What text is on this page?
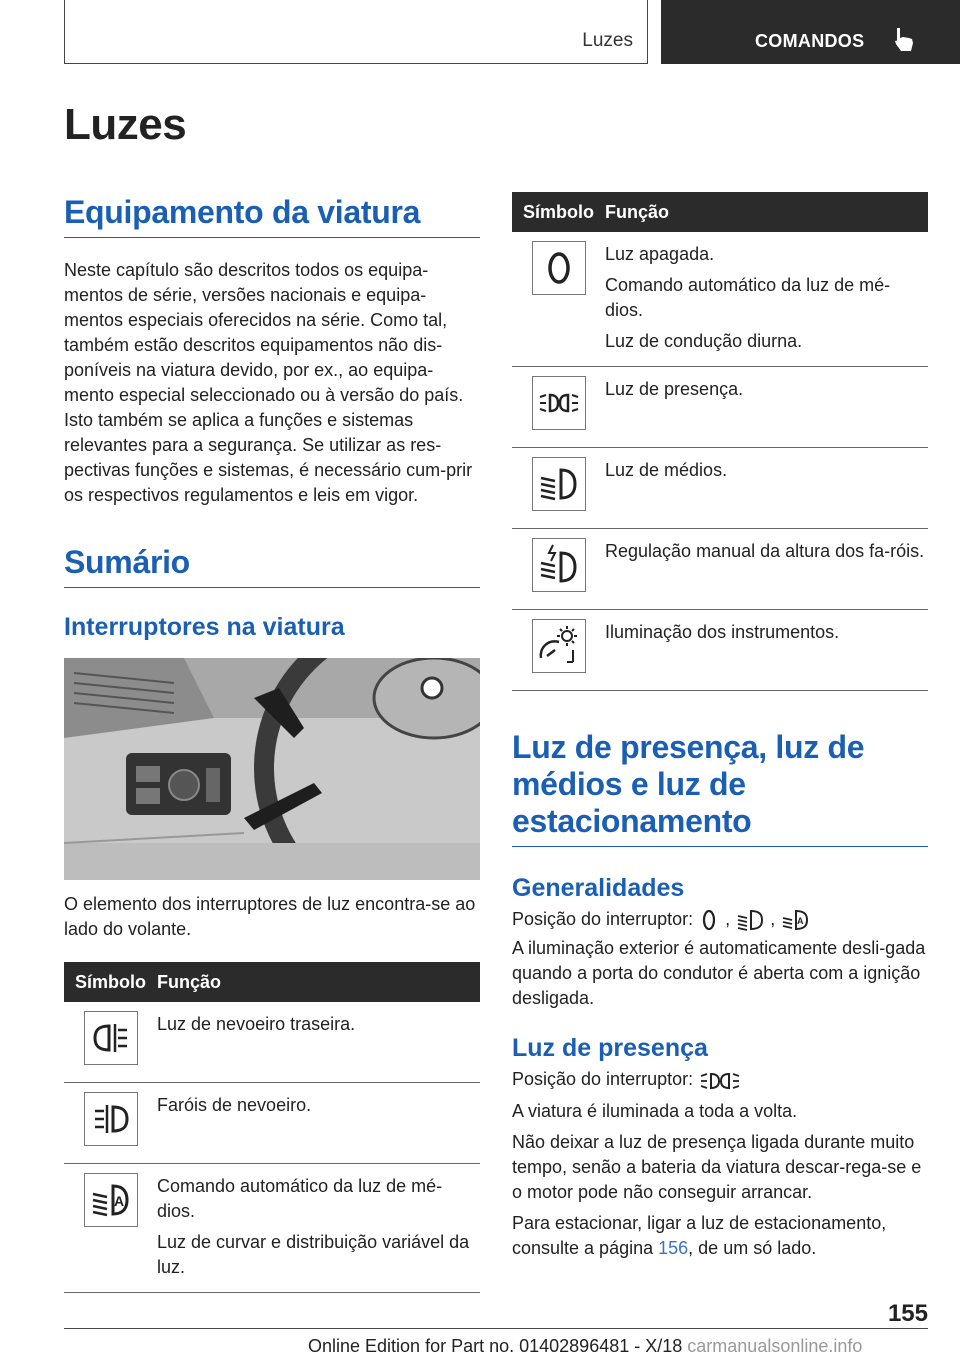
Luzes	COMANDOS
Luzes
Equipamento da viatura

Neste capítulo são descritos todos os equipa-mentos de série, versões nacionais e equipa-mentos especiais oferecidos na série. Como tal, também estão descritos equipamentos não dis-poníveis na viatura devido, por ex., ao equipa-mento especial seleccionado ou à versão do país. Isto também se aplica a funções e sistemas relevantes para a segurança. Se utilizar as res-pectivas funções e sistemas, é necessário cum-prir os respectivos regulamentos e leis em vigor.

Sumário
Interruptores na viatura

O elemento dos interruptores de luz encontra-se ao lado do volante.

Símbolo	Função

Luz de nevoeiro traseira.

Faróis de nevoeiro.

A	Comando automático da luz de mé-dios.
Luz de curvar e distribuição variável da luz.
Símbolo	Função

Luz apagada.
Comando automático da luz de mé-dios.
Luz de condução diurna.

Luz de presença.

Luz de médios.

Regulação manual da altura dos fa-róis.

Iluminação dos instrumentos.
Luz de presença, luz de médios e luz de estacionamento
Generalidades

Posição do interruptor: , , A

A iluminação exterior é automaticamente desli-gada quando a porta do condutor é aberta com a ignição desligada.

Luz de presença

Posição do interruptor:

A viatura é iluminada a toda a volta.

Não deixar a luz de presença ligada durante muito tempo, senão a bateria da viatura descar-rega-se e o motor pode não conseguir arrancar.

Para estacionar, ligar a luz de estacionamento, consulte a página 156, de um só lado.

155
Online Edition for Part no. 01402896481 - X/18 carmanualsonline.info
